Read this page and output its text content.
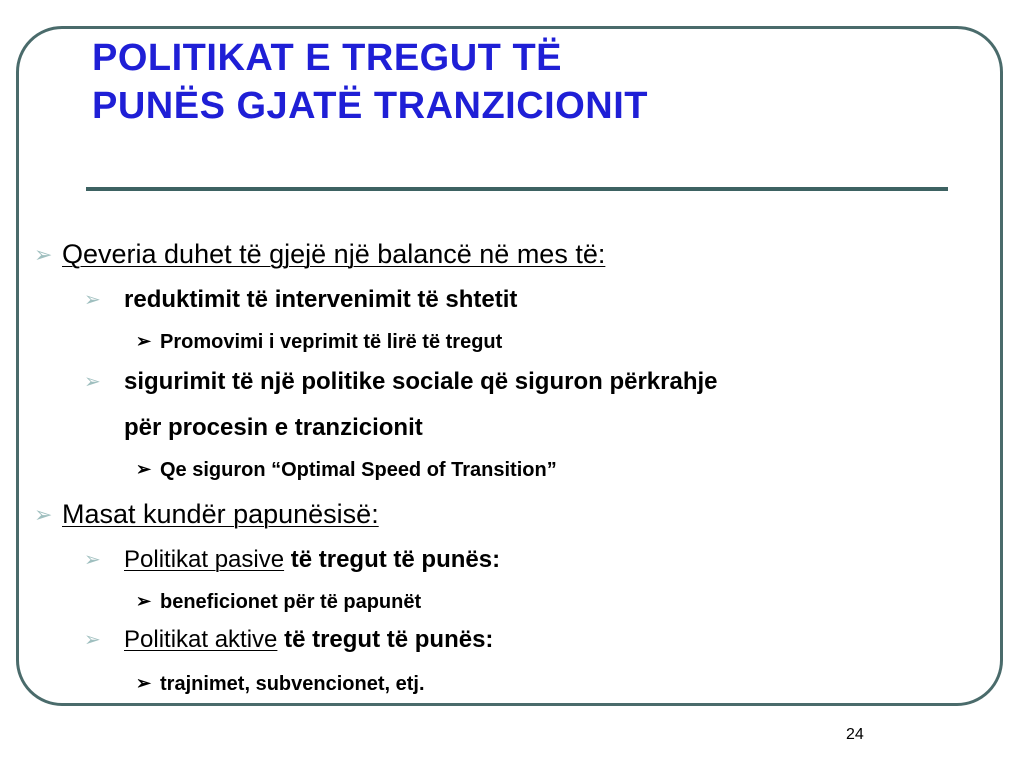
POLITIKAT E TREGUT TË
PUNËS GJATË TRANZICIONIT
➢ Qeveria duhet të gjejë një balancë në mes të:
➢ reduktimit të intervenimit të shtetit
➢ Promovimi i veprimit të lirë të tregut
➢ sigurimit të një politike sociale që siguron përkrahje
për procesin e tranzicionit
➢ Qe siguron “Optimal Speed of Transition”
➢ Masat kundër papunësisë:
➢ Politikat pasive të tregut të punës:
➢ beneficionet për të papunët
➢ Politikat aktive të tregut të punës:
➢ trajnimet, subvencionet, etj.
24
